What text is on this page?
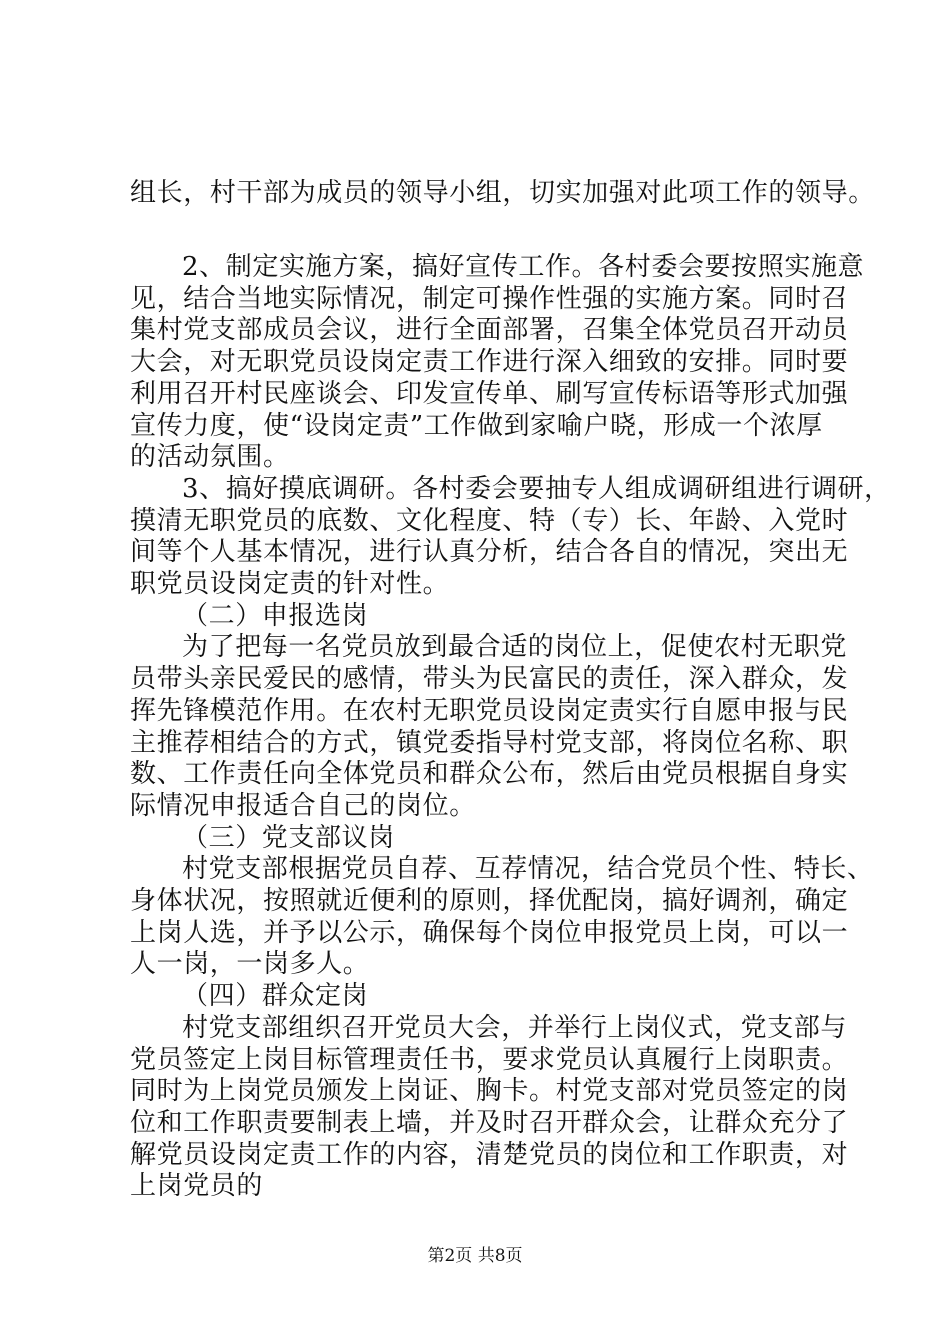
组长，村干部为成员的领导小组，切实加强对此项工作的领导。
2、制定实施方案，搞好宣传工作。各村委会要按照实施意
见，结合当地实际情况，制定可操作性强的实施方案。同时召
集村党支部成员会议，进行全面部署，召集全体党员召开动员
大会，对无职党员设岗定责工作进行深入细致的安排。同时要
利用召开村民座谈会、印发宣传单、刷写宣传标语等形式加强
宣传力度，使“设岗定责”工作做到家喻户晓，形成一个浓厚
的活动氛围。
3、搞好摸底调研。各村委会要抽专人组成调研组进行调研，
摸清无职党员的底数、文化程度、特（专）长、年龄、入党时
间等个人基本情况，进行认真分析，结合各自的情况，突出无
职党员设岗定责的针对性。
（二）申报选岗
为了把每一名党员放到最合适的岗位上，促使农村无职党
员带头亲民爱民的感情，带头为民富民的责任，深入群众，发
挥先锋模范作用。在农村无职党员设岗定责实行自愿申报与民
主推荐相结合的方式，镇党委指导村党支部，将岗位名称、职
数、工作责任向全体党员和群众公布，然后由党员根据自身实
际情况申报适合自己的岗位。
（三）党支部议岗
村党支部根据党员自荐、互荐情况，结合党员个性、特长、
身体状况，按照就近便利的原则，择优配岗，搞好调剂，确定
上岗人选，并予以公示，确保每个岗位申报党员上岗，可以一
人一岗，一岗多人。
（四）群众定岗
村党支部组织召开党员大会，并举行上岗仪式，党支部与
党员签定上岗目标管理责任书，要求党员认真履行上岗职责。
同时为上岗党员颁发上岗证、胸卡。村党支部对党员签定的岗
位和工作职责要制表上墙，并及时召开群众会，让群众充分了
解党员设岗定责工作的内容，清楚党员的岗位和工作职责，对
上岗党员的
第2页 共8页
